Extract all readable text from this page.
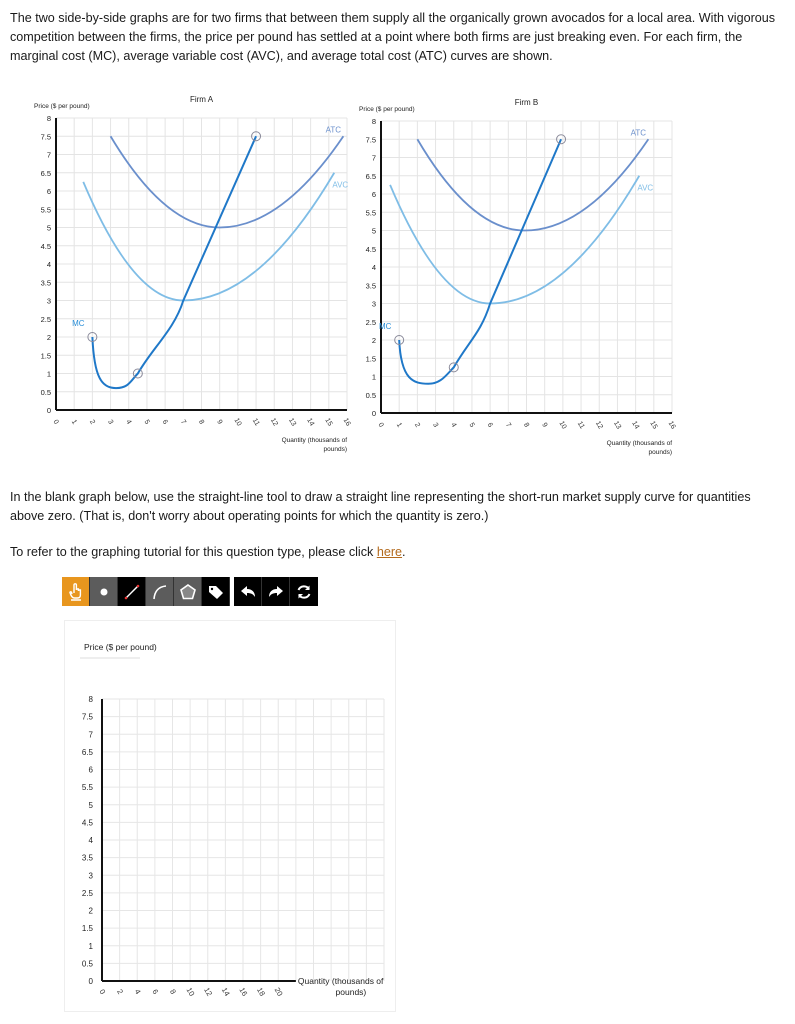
The two side-by-side graphs are for two firms that between them supply all the organically grown avocados for a local area. With vigorous competition between the firms, the price per pound has settled at a point where both firms are just breaking even. For each firm, the marginal cost (MC), average variable cost (AVC), and average total cost (ATC) curves are shown.
0
0.5
1
1.5
2
2.5
3
3.5
4
4.5
5
5.5
6
6.5
7
7.5
8
0 1 2 3 4 5 6 7 8 9 10 11 12 13 14 15 16
Price ($ per pound)
Firm A
Quantity (thousands of
pounds)
ATC
AVC
MC
0
0.5
1
1.5
2
2.5
3
3.5
4
4.5
5
5.5
6
6.5
7
7.5
8
0 1 2 3 4 5 6 7 8 9 10 11 12 13 14 15 16
Price ($ per pound)
Firm B
Quantity (thousands of
pounds)
ATC
AVC
MC
In the blank graph below, use the straight-line tool to draw a straight line representing the short-run market supply curve for quantities above zero. (That is, don't worry about operating points for which the quantity is zero.)
To refer to the graphing tutorial for this question type, please click here.
Price ($ per pound)
0
0.5
1
1.5
2
2.5
3
3.5
4
4.5
5
5.5
6
6.5
7
7.5
8
0 2 4 6 8 10 12 14 16 18 20
Quantity (thousands of
pounds)
